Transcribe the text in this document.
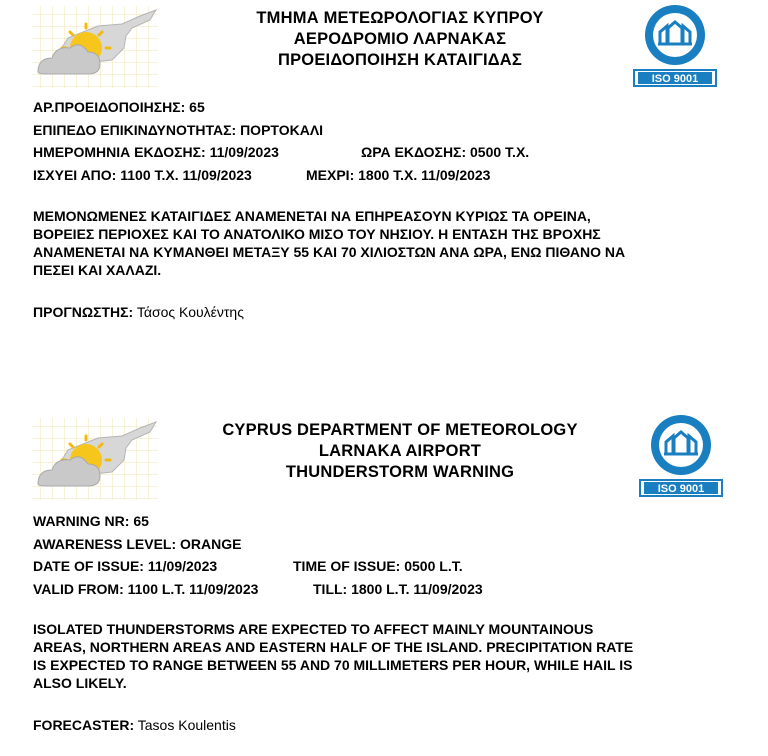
ΤΜΗΜΑ ΜΕΤΕΩΡΟΛΟΓΙΑΣ ΚΥΠΡΟΥ
ΑΕΡΟΔΡΟΜΙΟ ΛΑΡΝΑΚΑΣ
ΠΡΟΕΙΔΟΠΟΙΗΣΗ ΚΑΤΑΙΓΙΔΑΣ
ISO 9001
ΑΡ.ΠΡΟΕΙΔΟΠΟΙΗΣΗΣ: 65
ΕΠΙΠΕΔΟ ΕΠΙΚΙΝΔΥΝΟΤΗΤΑΣ: ΠΟΡΤΟΚΑΛΙ
ΗΜΕΡΟΜΗΝΙΑ ΕΚΔΟΣΗΣ: 11/09/2023	ΩΡΑ ΕΚΔΟΣΗΣ: 0500 Τ.Χ.
ΙΣΧΥΕΙ ΑΠΟ: 1100 Τ.Χ. 11/09/2023	ΜΕΧΡΙ: 1800 Τ.Χ. 11/09/2023
ΜΕΜΟΝΩΜΕΝΕΣ ΚΑΤΑΙΓΙΔΕΣ ΑΝΑΜΕΝΕΤΑΙ ΝΑ ΕΠΗΡΕΑΣΟΥΝ ΚΥΡΙΩΣ ΤΑ ΟΡΕΙΝΑ,
ΒΟΡΕΙΕΣ ΠΕΡΙΟΧΕΣ ΚΑΙ ΤΟ ΑΝΑΤΟΛΙΚΟ ΜΙΣΟ ΤΟΥ ΝΗΣΙΟΥ. Η ΕΝΤΑΣΗ ΤΗΣ ΒΡΟΧΗΣ
ΑΝΑΜΕΝΕΤΑΙ ΝΑ ΚΥΜΑΝΘΕΙ ΜΕΤΑΞΥ 55 ΚΑΙ 70 ΧΙΛΙΟΣΤΩΝ ΑΝΑ ΩΡΑ, ΕΝΩ ΠΙΘΑΝΟ ΝΑ
ΠΕΣΕΙ ΚΑΙ ΧΑΛΑΖΙ.
ΠΡΟΓΝΩΣΤΗΣ: Τάσος Κουλέντης
CYPRUS DEPARTMENT OF METEOROLOGY
LARNAKA AIRPORT
THUNDERSTORM WARNING
ISO 9001
WARNING NR: 65
AWARENESS LEVEL: ORANGE
DATE OF ISSUE: 11/09/2023	TIME OF ISSUE: 0500 L.T.
VALID FROM: 1100 L.T. 11/09/2023	TILL: 1800 L.T. 11/09/2023
ISOLATED THUNDERSTORMS ARE EXPECTED TO AFFECT MAINLY MOUNTAINOUS
AREAS, NORTHERN AREAS AND EASTERN HALF OF THE ISLAND. PRECIPITATION RATE
IS EXPECTED TO RANGE BETWEEN 55 AND 70 MILLIMETERS PER HOUR, WHILE HAIL IS
ALSO LIKELY.
FORECASTER: Tasos Koulentis
